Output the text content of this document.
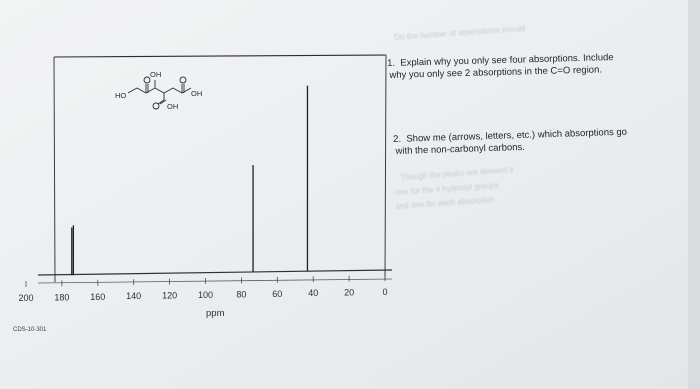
200 180 160 140 120 100	80	60	40	20	0
HO
OH
OH
OH
ppm
CDS-10-301
Do the number of absorptions should
Though the peaks are skewed it
one for the 4 hydroxyl groups
and one for each absorption
1. Explain why you only see four absorptions. Include
why you only see 2 absorptions in the C=O region.
2. Show me (arrows, letters, etc.) which absorptions go
with the non-carbonyl carbons.
